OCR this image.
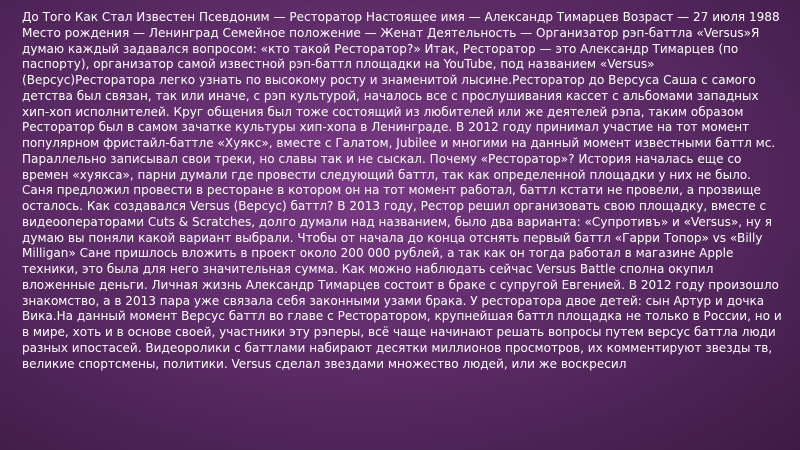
До Того Как Стал Известен Псевдоним — Ресторатор Настоящее имя — Александр Тимарцев Возраст — 27 июля 1988 Место рождения — Ленинград Семейное положение — Женат Деятельность — Организатор рэп-баттла «Versus»Я думаю каждый задавался вопросом: «кто такой Ресторатор?» Итак, Ресторатор — это Александр Тимарцев (по паспорту), организатор самой известной рэп-баттл площадки на YouTube, под названием «Versus» (Версус)Ресторатора легко узнать по высокому росту и знаменитой лысине.Ресторатор до Версуса Саша с самого детства был связан, так или иначе, с рэп культурой, началось все с прослушивания кассет с альбомами западных хип-хоп исполнителей. Круг общения был тоже состоящий из любителей или же деятелей рэпа, таким образом Ресторатор был в самом зачатке культуры хип-хопа в Ленинграде. В 2012 году принимал участие на тот момент популярном фристайл-баттле «Хуякс», вместе с Галатом, Jubilee и многими на данный момент известными баттл мс. Параллельно записывал свои треки, но славы так и не сыскал. Почему «Ресторатор»? История началась еще со времен «хуякса», парни думали где провести следующий баттл, так как определенной площадки у них не было. Саня предложил провести в ресторане в котором он на тот момент работал, баттл кстати не провели, а прозвище осталось. Как создавался Versus (Версус) баттл? В 2013 году, Рестор решил организовать свою площадку, вместе с видеооператорами Cuts & Scratches, долго думали над названием, было два варианта: «Супротивъ» и «Versus», ну я думаю вы поняли какой вариант выбрали. Чтобы от начала до конца отснять первый баттл «Гарри Топор» vs «Billy Milligan» Сане пришлось вложить в проект около 200 000 рублей, а так как он тогда работал в магазине Apple техники, это была для него значительная сумма. Как можно наблюдать сейчас Versus Battle сполна окупил вложенные деньги. Личная жизнь Александр Тимарцев состоит в браке с супругой Евгенией. В 2012 году произошло знакомство, а в 2013 пара уже связала себя законными узами брака. У ресторатора двое детей: сын Артур и дочка Вика.На данный момент Версус баттл во главе с Ресторатором, крупнейшая баттл площадка не только в России, но и в мире, хоть и в основе своей, участники эту рэперы, всё чаще начинают решать вопросы путем версус баттла люди разных ипостасей. Видеоролики с баттлами набирают десятки миллионов просмотров, их комментируют звезды тв, великие спортсмены, политики. Versus сделал звездами множество людей, или же воскресил
